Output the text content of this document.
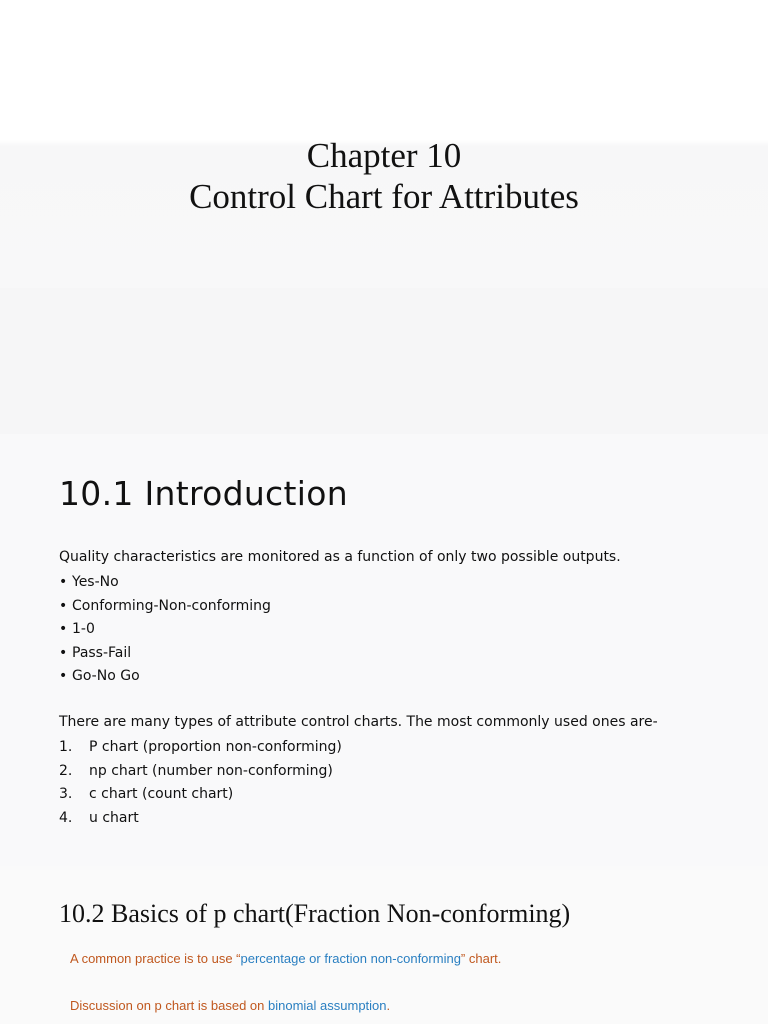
Chapter 10
Control Chart for Attributes
10.1 Introduction
Quality characteristics are monitored as a function of only two possible outputs.
• Yes-No
• Conforming-Non-conforming
• 1-0
• Pass-Fail
• Go-No Go
There are many types of attribute control charts. The most commonly used ones are-
1. P chart (proportion non-conforming)
2. np chart (number non-conforming)
3. c chart (count chart)
4. u chart
10.2 Basics of p chart(Fraction Non-conforming)
A common practice is to use “percentage or fraction non-conforming” chart.
Discussion on p chart is based on binomial assumption.
